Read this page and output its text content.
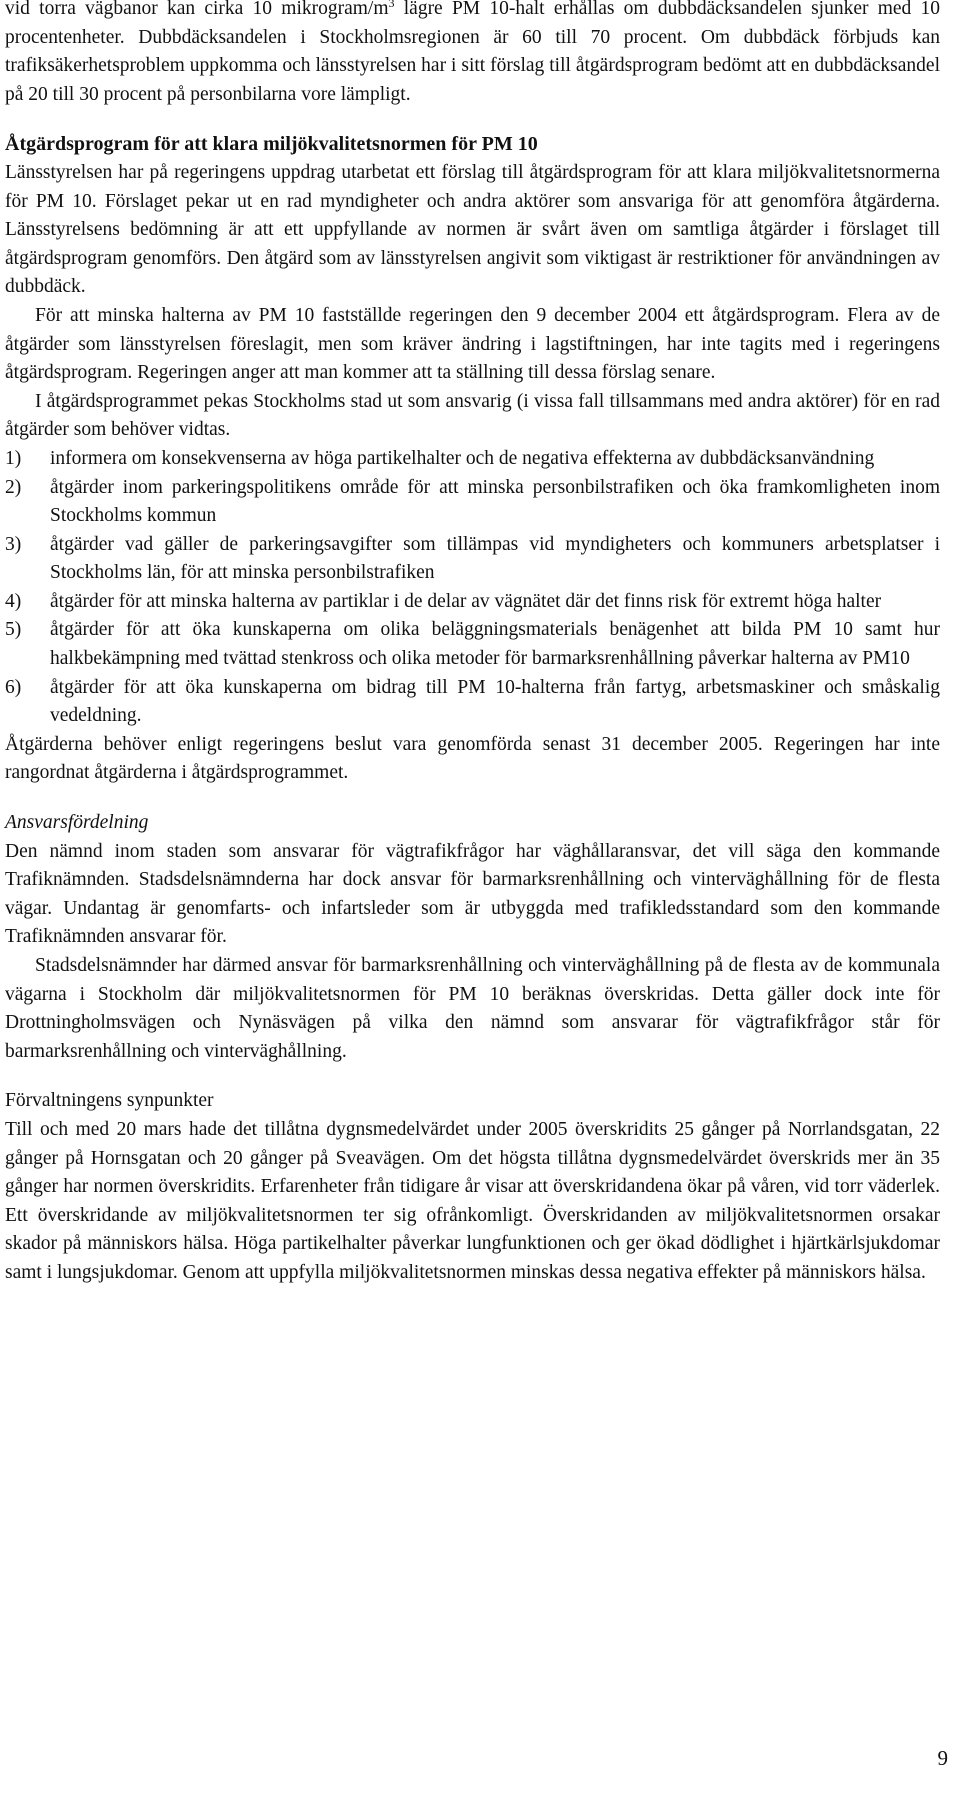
vid torra vägbanor kan cirka 10 mikrogram/$m^3$ lägre PM 10-halt erhållas om dubbdäcksandelen sjunker med 10 procentenheter. Dubbdäcksandelen i Stockholmsregionen är 60 till 70 procent. Om dubbdäck förbjuds kan trafiksäkerhetsproblem uppkomma och länsstyrelsen har i sitt förslag till åtgärdsprogram bedömt att en dubbdäcksandel på 20 till 30 procent på personbilarna vore lämpligt.

Åtgärdsprogram för att klara miljökvalitetsnormen för PM 10

Länsstyrelsen har på regeringens uppdrag utarbetat ett förslag till åtgärdsprogram för att klara miljökvalitetsnormerna för PM 10. Förslaget pekar ut en rad myndigheter och andra aktörer som ansvariga för att genomföra åtgärderna. Länsstyrelsens bedömning är att ett uppfyllande av normen är svårt även om samtliga åtgärder i förslaget till åtgärdsprogram genomförs. Den åtgärd som av länsstyrelsen angivit som viktigast är restriktioner för användningen av dubbdäck.

För att minska halterna av PM 10 fastställde regeringen den 9 december 2004 ett åtgärdsprogram. Flera av de åtgärder som länsstyrelsen föreslagit, men som kräver ändring i lagstiftningen, har inte tagits med i regeringens åtgärdsprogram. Regeringen anger att man kommer att ta ställning till dessa förslag senare.

I åtgärdsprogrammet pekas Stockholms stad ut som ansvarig (i vissa fall tillsammans med andra aktörer) för en rad åtgärder som behöver vidtas.

1)	informera om konsekvenserna av höga partikelhalter och de negativa effekterna av dubbdäcksanvändning
2)	åtgärder inom parkeringspolitikens område för att minska personbilstrafiken och öka framkomligheten inom Stockholms kommun
3)	åtgärder vad gäller de parkeringsavgifter som tillämpas vid myndigheters och kommuners arbetsplatser i Stockholms län, för att minska personbilstrafiken
4)	åtgärder för att minska halterna av partiklar i de delar av vägnätet där det finns risk för extremt höga halter
5)	åtgärder för att öka kunskaperna om olika beläggningsmaterials benägenhet att bilda PM 10 samt hur halkbekämpning med tvättad stenkross och olika metoder för barmarksrenhållning påverkar halterna av PM10
6)	åtgärder för att öka kunskaperna om bidrag till PM 10-halterna från fartyg, arbetsmaskiner och småskalig vedeldning.

Åtgärderna behöver enligt regeringens beslut vara genomförda senast 31 december 2005. Regeringen har inte rangordnat åtgärderna i åtgärdsprogrammet.

Ansvarsfördelning

Den nämnd inom staden som ansvarar för vägtrafikfrågor har väghållaransvar, det vill säga den kommande Trafiknämnden. Stadsdelsnämnderna har dock ansvar för barmarksrenhållning och vinterväghållning för de flesta vägar. Undantag är genomfarts- och infartsleder som är utbyggda med trafikledsstandard som den kommande Trafiknämnden ansvarar för.

Stadsdelsnämnder har därmed ansvar för barmarksrenhållning och vinterväghållning på de flesta av de kommunala vägarna i Stockholm där miljökvalitetsnormen för PM 10 beräknas överskridas. Detta gäller dock inte för Drottningholmsvägen och Nynäsvägen på vilka den nämnd som ansvarar för vägtrafikfrågor står för barmarksrenhållning och vinterväghållning.

Förvaltningens synpunkter

Till och med 20 mars hade det tillåtna dygnsmedelvärdet under 2005 överskridits 25 gånger på Norrlandsgatan, 22 gånger på Hornsgatan och 20 gånger på Sveavägen. Om det högsta tillåtna dygnsmedelvärdet överskrids mer än 35 gånger har normen överskridits. Erfarenheter från tidigare år visar att överskridandena ökar på våren, vid torr väderlek. Ett överskridande av miljökvalitetsnormen ter sig ofrånkomligt. Överskridanden av miljökvalitetsnormen orsakar skador på människors hälsa. Höga partikelhalter påverkar lungfunktionen och ger ökad dödlighet i hjärtkärlsjukdomar samt i lungsjukdomar. Genom att uppfylla miljökvalitetsnormen minskas dessa negativa effekter på människors hälsa.

9
